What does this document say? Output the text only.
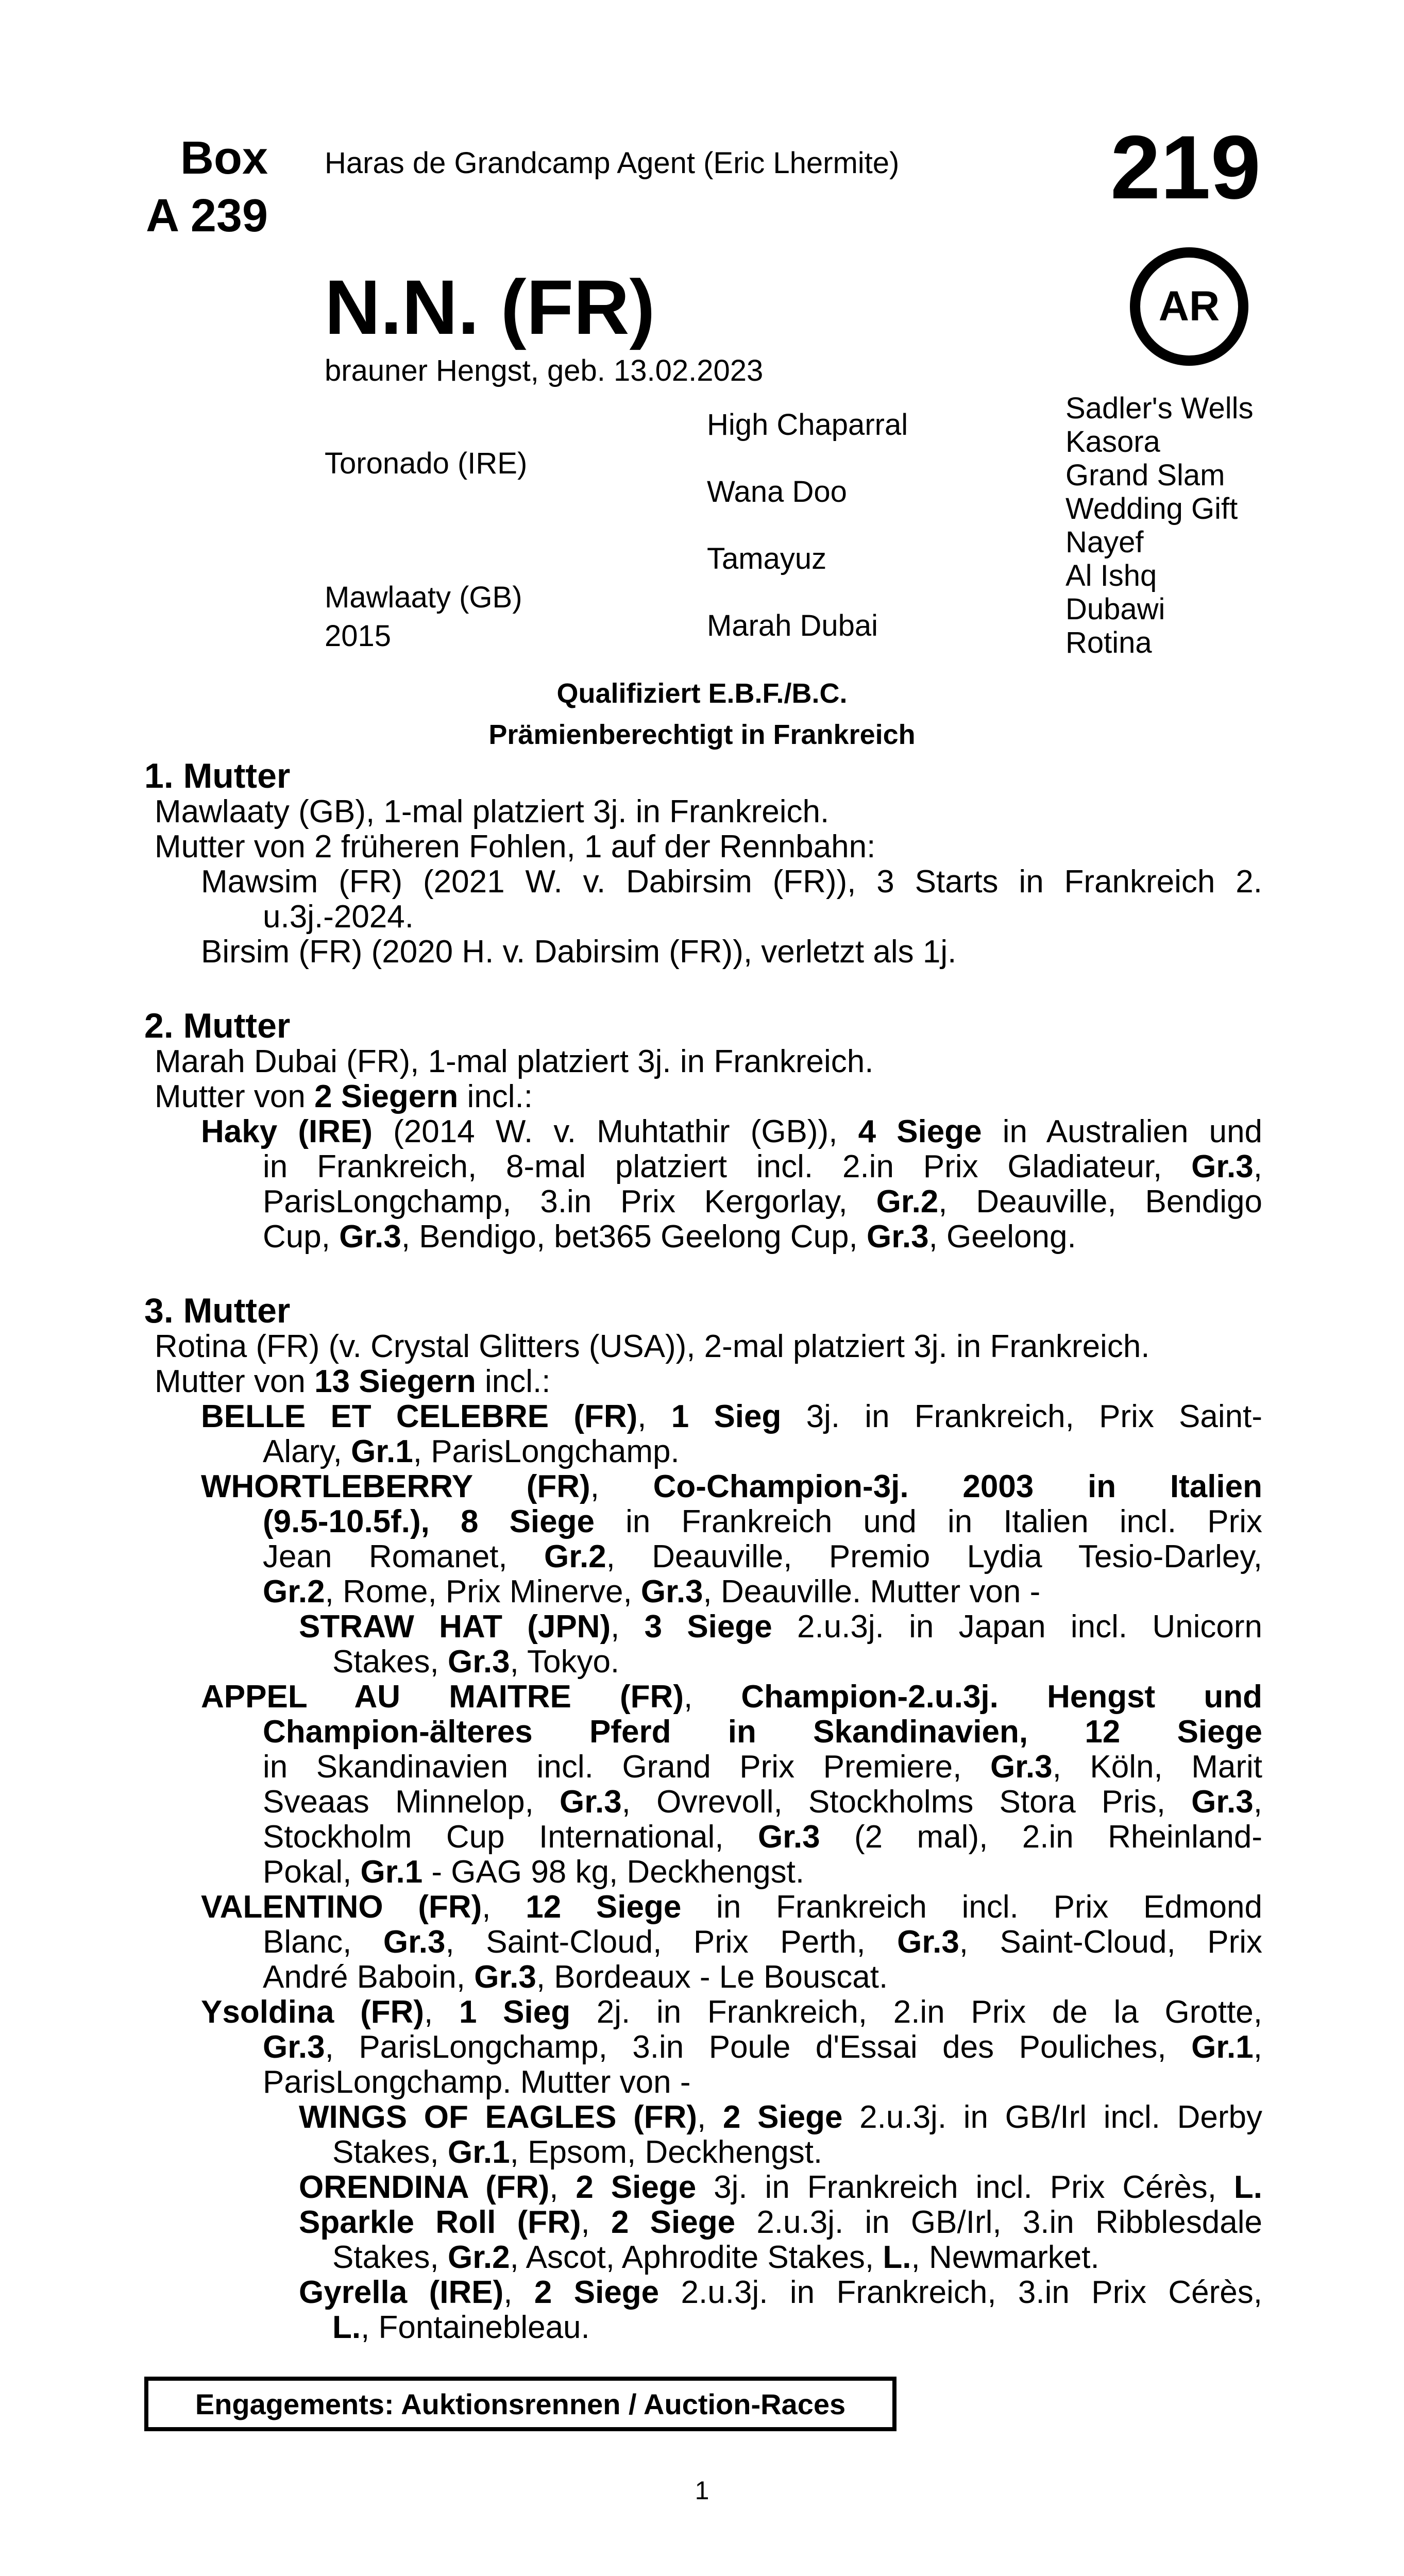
Box
A 239
Haras de Grandcamp Agent (Eric Lhermite) 219
AR
N.N. (FR)
brauner Hengst, geb. 13.02.2023
Toronado (IRE)
Mawlaaty (GB)
2015
High Chaparral
Wana Doo
Tamayuz
Marah Dubai
Sadler's Wells
Kasora
Grand Slam
Wedding Gift
Nayef
Al Ishq
Dubawi
Rotina
Qualifiziert E.B.F./B.C.
Prämienberechtigt in Frankreich
1. Mutter
Mawlaaty (GB), 1-mal platziert 3j. in Frankreich.
Mutter von 2 früheren Fohlen, 1 auf der Rennbahn:
Mawsim (FR) (2021 W. v. Dabirsim (FR)), 3 Starts in Frankreich 2.
u.3j.-2024.
Birsim (FR) (2020 H. v. Dabirsim (FR)), verletzt als 1j.
2. Mutter
Marah Dubai (FR), 1-mal platziert 3j. in Frankreich.
Mutter von 2 Siegern incl.:
Haky (IRE) (2014 W. v. Muhtathir (GB)), 4 Siege in Australien und
in Frankreich, 8-mal platziert incl. 2.in Prix Gladiateur, Gr.3,
ParisLongchamp, 3.in Prix Kergorlay, Gr.2, Deauville, Bendigo
Cup, Gr.3, Bendigo, bet365 Geelong Cup, Gr.3, Geelong.
3. Mutter
Rotina (FR) (v. Crystal Glitters (USA)), 2-mal platziert 3j. in Frankreich.
Mutter von 13 Siegern incl.:
BELLE ET CELEBRE (FR), 1 Sieg 3j. in Frankreich, Prix Saint-
Alary, Gr.1, ParisLongchamp.
WHORTLEBERRY (FR), Co-Champion-3j. 2003 in Italien
(9.5-10.5f.), 8 Siege in Frankreich und in Italien incl. Prix
Jean Romanet, Gr.2, Deauville, Premio Lydia Tesio-Darley,
Gr.2, Rome, Prix Minerve, Gr.3, Deauville. Mutter von -
STRAW HAT (JPN), 3 Siege 2.u.3j. in Japan incl. Unicorn
Stakes, Gr.3, Tokyo.
APPEL AU MAITRE (FR), Champion-2.u.3j. Hengst und
Champion-älteres Pferd in Skandinavien, 12 Siege
in Skandinavien incl. Grand Prix Premiere, Gr.3, Köln, Marit
Sveaas Minnelop, Gr.3, Ovrevoll, Stockholms Stora Pris, Gr.3,
Stockholm Cup International, Gr.3 (2 mal), 2.in Rheinland-
Pokal, Gr.1 - GAG 98 kg, Deckhengst.
VALENTINO (FR), 12 Siege in Frankreich incl. Prix Edmond
Blanc, Gr.3, Saint-Cloud, Prix Perth, Gr.3, Saint-Cloud, Prix
André Baboin, Gr.3, Bordeaux - Le Bouscat.
Ysoldina (FR), 1 Sieg 2j. in Frankreich, 2.in Prix de la Grotte,
Gr.3, ParisLongchamp, 3.in Poule d'Essai des Pouliches, Gr.1,
ParisLongchamp. Mutter von -
WINGS OF EAGLES (FR), 2 Siege 2.u.3j. in GB/Irl incl. Derby
Stakes, Gr.1, Epsom, Deckhengst.
ORENDINA (FR), 2 Siege 3j. in Frankreich incl. Prix Cérès, L.
Sparkle Roll (FR), 2 Siege 2.u.3j. in GB/Irl, 3.in Ribblesdale
Stakes, Gr.2, Ascot, Aphrodite Stakes, L., Newmarket.
Gyrella (IRE), 2 Siege 2.u.3j. in Frankreich, 3.in Prix Cérès,
L., Fontainebleau.
Engagements: Auktionsrennen / Auction-Races
1
